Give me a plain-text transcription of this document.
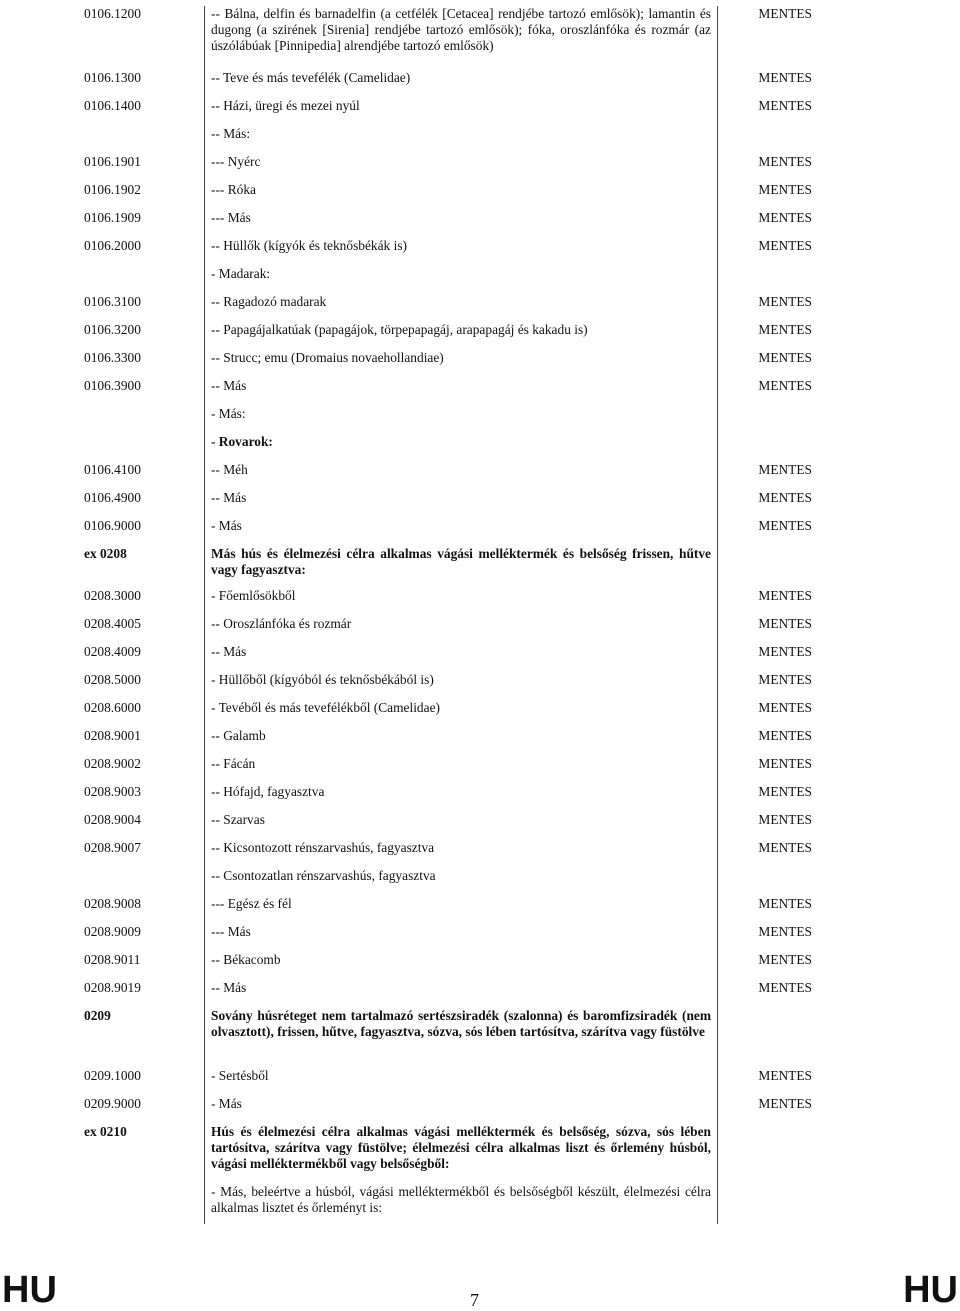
0106.1200	-- Bálna, delfin és barnadelfin (a cetfélék [Cetacea] rendjébe tartozó emlősök); lamantin és dugong (a szirének [Sirenia] rendjébe tartozó emlősök); fóka, oroszlánfóka és rozmár (az úszólábúak [Pinnipedia] alrendjébe tartozó emlősök)	MENTES
0106.1300	-- Teve és más tevefélék (Camelidae)	MENTES
0106.1400	-- Házi, üregi és mezei nyúl	MENTES
	-- Más:	
0106.1901	--- Nyérc	MENTES
0106.1902	--- Róka	MENTES
0106.1909	--- Más	MENTES
0106.2000	-- Hüllők (kígyók és teknősbékák is)	MENTES
	- Madarak:	
0106.3100	-- Ragadozó madarak	MENTES
0106.3200	-- Papagájalkatúak (papagájok, törpepapagáj, arapapagáj és kakadu is)	MENTES
0106.3300	-- Strucc; emu (Dromaius novaehollandiae)	MENTES
0106.3900	-- Más	MENTES
	- Más:	
	- Rovarok:	
0106.4100	-- Méh	MENTES
0106.4900	-- Más	MENTES
0106.9000	- Más	MENTES
ex 0208	Más hús és élelmezési célra alkalmas vágási melléktermék és belsőség frissen, hűtve vagy fagyasztva:	
0208.3000	- Főemlősökből	MENTES
0208.4005	-- Oroszlánfóka és rozmár	MENTES
0208.4009	-- Más	MENTES
0208.5000	- Hüllőből (kígyóból és teknősbékából is)	MENTES
0208.6000	- Tevéből és más tevefélékből (Camelidae)	MENTES
0208.9001	-- Galamb	MENTES
0208.9002	-- Fácán	MENTES
0208.9003	-- Hófajd, fagyasztva	MENTES
0208.9004	-- Szarvas	MENTES
0208.9007	-- Kicsontozott rénszarvashús, fagyasztva	MENTES
	-- Csontozatlan rénszarvashús, fagyasztva	
0208.9008	--- Egész és fél	MENTES
0208.9009	--- Más	MENTES
0208.9011	-- Békacomb	MENTES
0208.9019	-- Más	MENTES
0209	Sovány húsréteget nem tartalmazó sertészsiradék (szalonna) és baromfizsiradék (nem olvasztott), frissen, hűtve, fagyasztva, sózva, sós lében tartósítva, szárítva vagy füstölve	
0209.1000	- Sertésből	MENTES
0209.9000	- Más	MENTES
ex 0210	Hús és élelmezési célra alkalmas vágási melléktermék és belsőség, sózva, sós lében tartósítva, szárítva vagy füstölve; élelmezési célra alkalmas liszt és őrlemény húsból, vágási melléktermékből vagy belsőségből:	
	- Más, beleértve a húsból, vágási melléktermékből és belsőségből készült, élelmezési célra alkalmas lisztet és őrleményt is:	
HU	7	HU
